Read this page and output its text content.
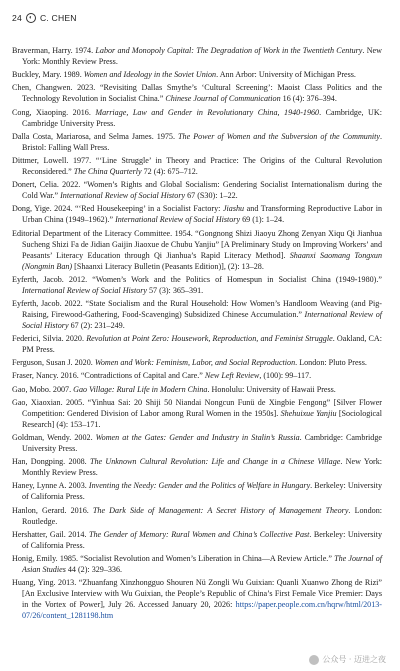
24	◐ C. CHEN
Braverman, Harry. 1974. Labor and Monopoly Capital: The Degradation of Work in the Twentieth Century. New York: Monthly Review Press.
Buckley, Mary. 1989. Women and Ideology in the Soviet Union. Ann Arbor: University of Michigan Press.
Chen, Changwen. 2023. “Revisiting Dallas Smythe’s ‘Cultural Screening’: Maoist Class Politics and the Technology Revolution in Socialist China.” Chinese Journal of Communication 16 (4): 376–394.
Cong, Xiaoping. 2016. Marriage, Law and Gender in Revolutionary China, 1940-1960. Cambridge, UK: Cambridge University Press.
Dalla Costa, Mariarosa, and Selma James. 1975. The Power of Women and the Subversion of the Community. Bristol: Falling Wall Press.
Dittmer, Lowell. 1977. “‘Line Struggle’ in Theory and Practice: The Origins of the Cultural Revolution Reconsidered.” The China Quarterly 72 (4): 675–712.
Donert, Celia. 2022. “Women’s Rights and Global Socialism: Gendering Socialist Internationalism during the Cold War.” International Review of Social History 67 (S30): 1–22.
Dong, Yige. 2024. “‘Red Housekeeping’ in a Socialist Factory: Jiashu and Transforming Reproductive Labor in Urban China (1949–1962).” International Review of Social History 69 (1): 1–24.
Editorial Department of the Literacy Committee. 1954. “Gongnong Shizi Jiaoyu Zhong Zenyan Xiqu Qi Jianhua Sucheng Shizi Fa de Jidian Gaijin Jiaoxue de Chubu Yanjiu” [A Preliminary Study on Improving Workers’ and Peasants’ Literacy Education through Qi Jianhua’s Rapid Literacy Method]. Shaanxi Saomang Tongxun (Nongmin Ban) [Shaanxi Literacy Bulletin (Peasants Edition)], (2): 13–28.
Eyferth, Jacob. 2012. “Women’s Work and the Politics of Homespun in Socialist China (1949-1980).” International Review of Social History 57 (3): 365–391.
Eyferth, Jacob. 2022. “State Socialism and the Rural Household: How Women’s Handloom Weaving (and Pig-Raising, Firewood-Gathering, Food-Scavenging) Subsidized Chinese Accumulation.” International Review of Social History 67 (2): 231–249.
Federici, Silvia. 2020. Revolution at Point Zero: Housework, Reproduction, and Feminist Struggle. Oakland, CA: PM Press.
Ferguson, Susan J. 2020. Women and Work: Feminism, Labor, and Social Reproduction. London: Pluto Press.
Fraser, Nancy. 2016. “Contradictions of Capital and Care.” New Left Review, (100): 99–117.
Gao, Mobo. 2007. Gao Village: Rural Life in Modern China. Honolulu: University of Hawaii Press.
Gao, Xiaoxian. 2005. “Yinhua Sai: 20 Shiji 50 Niandai Nongcun Funü de Xingbie Fengong” [Silver Flower Competition: Gendered Division of Labor among Rural Women in the 1950s]. Shehuixue Yanjiu [Sociological Research] (4): 153–171.
Goldman, Wendy. 2002. Women at the Gates: Gender and Industry in Stalin’s Russia. Cambridge: Cambridge University Press.
Han, Dongping. 2008. The Unknown Cultural Revolution: Life and Change in a Chinese Village. New York: Monthly Review Press.
Haney, Lynne A. 2003. Inventing the Needy: Gender and the Politics of Welfare in Hungary. Berkeley: University of California Press.
Hanlon, Gerard. 2016. The Dark Side of Management: A Secret History of Management Theory. London: Routledge.
Hershatter, Gail. 2014. The Gender of Memory: Rural Women and China’s Collective Past. Berkeley: University of California Press.
Honig, Emily. 1985. “Socialist Revolution and Women’s Liberation in China—A Review Article.” The Journal of Asian Studies 44 (2): 329–336.
Huang, Ying. 2013. “Zhuanfang Xinzhongguo Shouren Nü Zongli Wu Guixian: Quanli Xuanwo Zhong de Rizi” [An Exclusive Interview with Wu Guixian, the People’s Republic of China’s First Female Vice Premier: Days in the Vortex of Power], July 26. Accessed January 20, 2026: https://paper.people.com.cn/hqrw/html/2013-07/26/content_1281198.htm
公众号 · 迈进之夜
